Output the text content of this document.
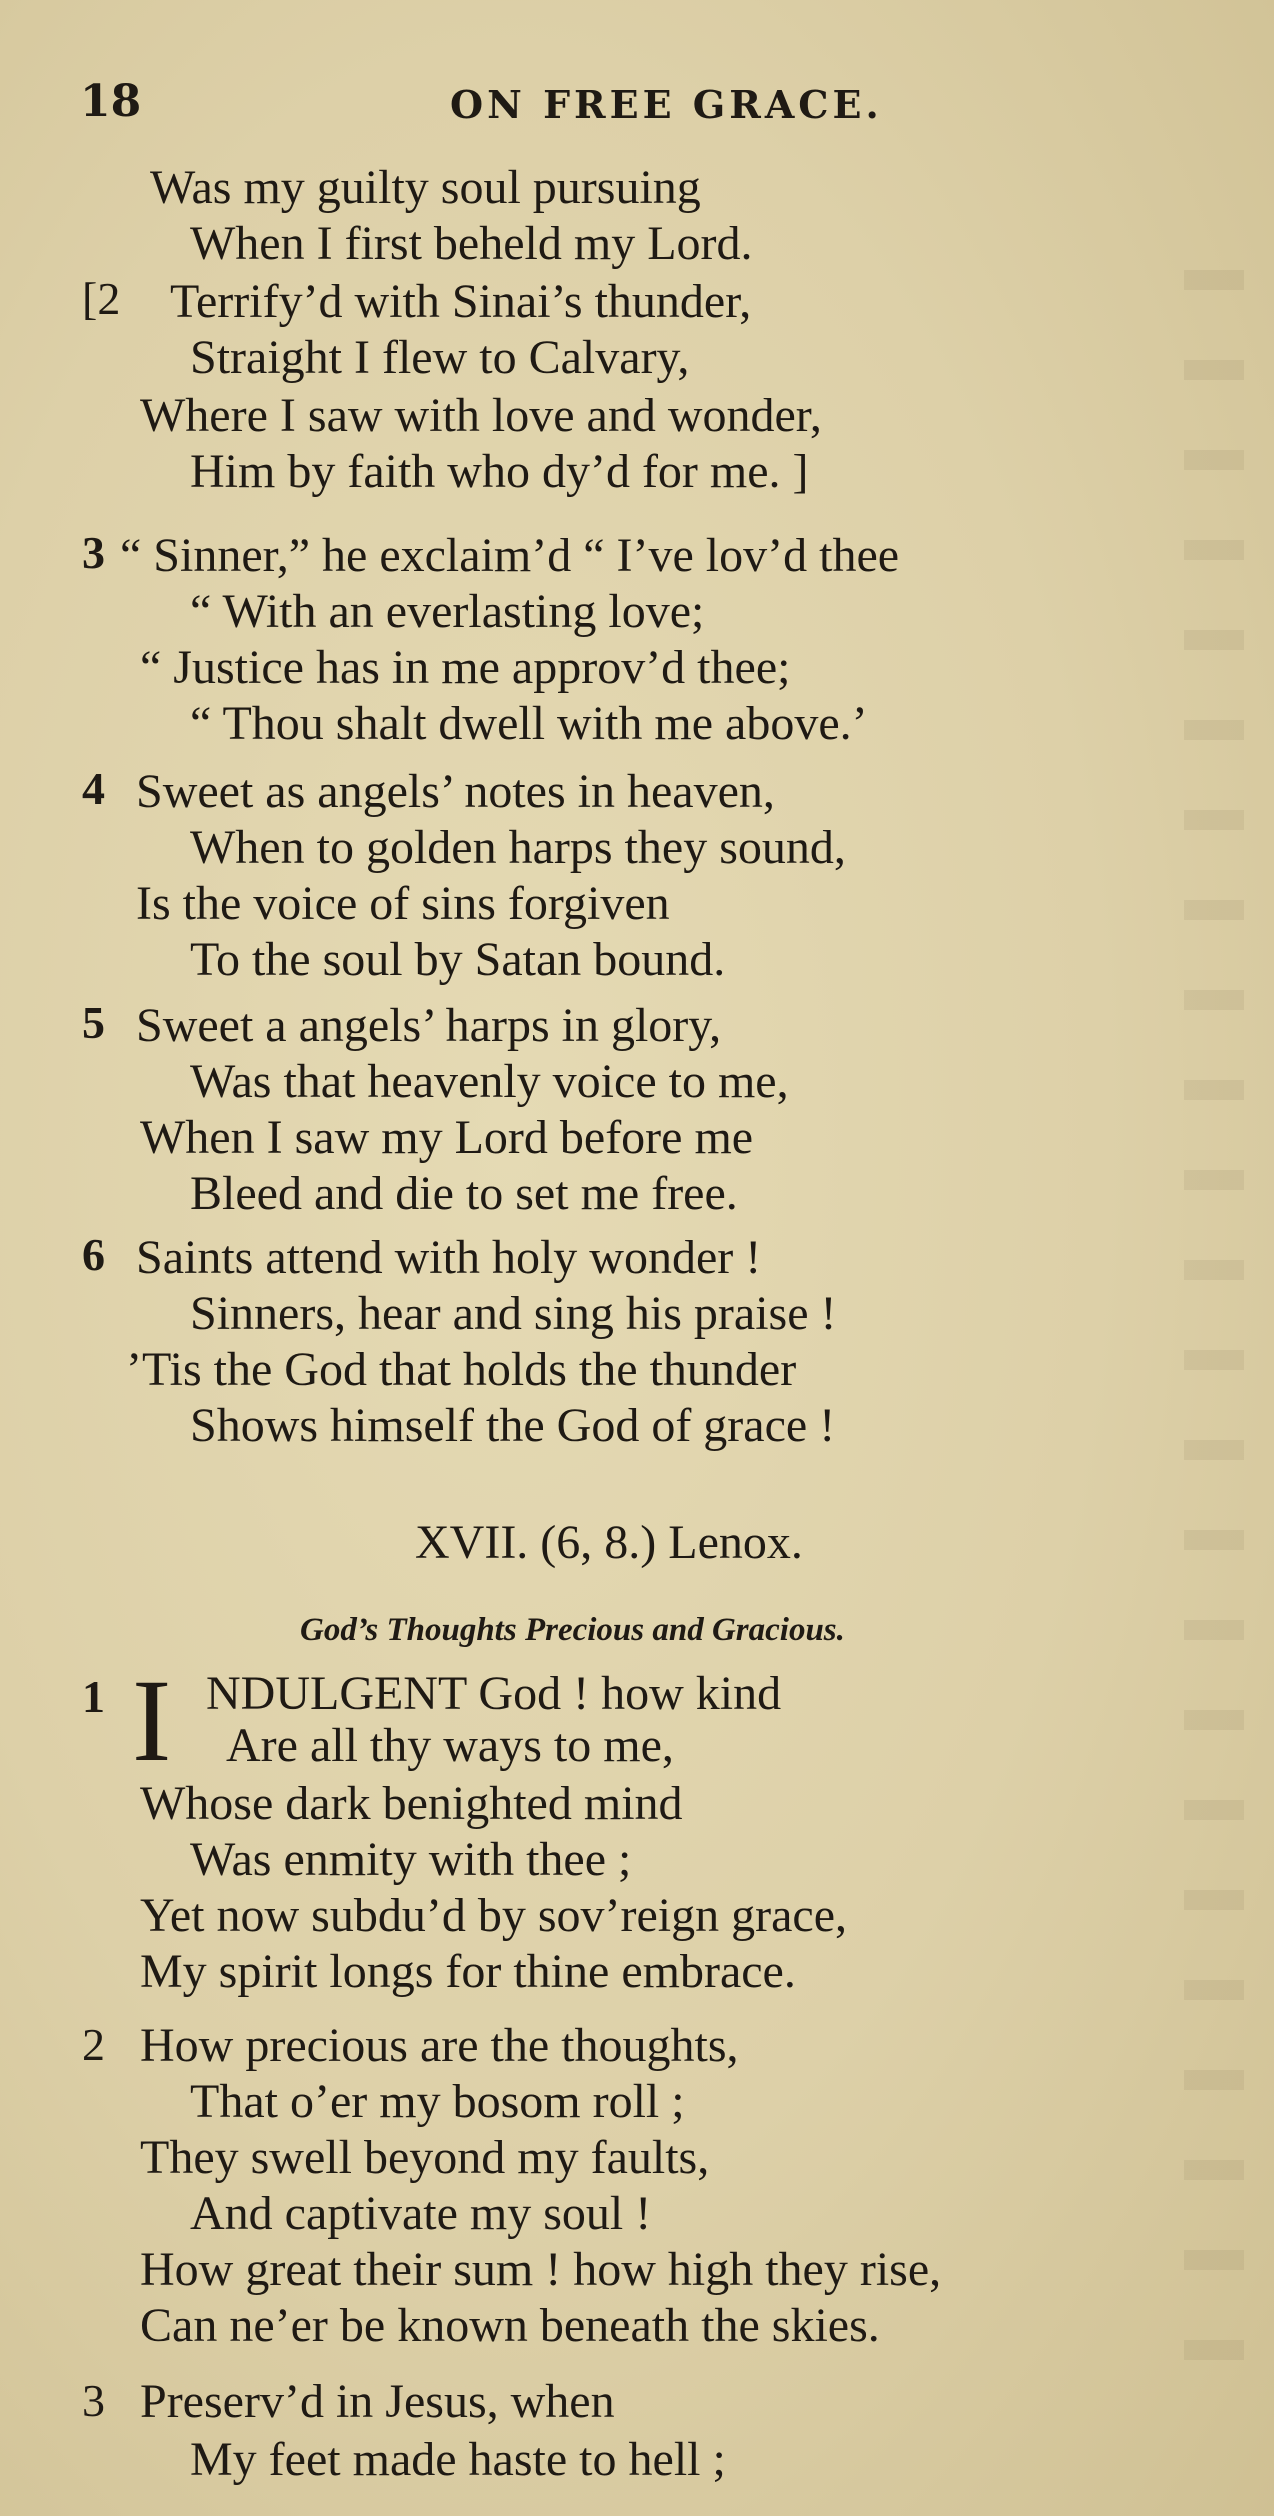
18	ON FREE GRACE.
Was my guilty soul pursuing
When I first beheld my Lord.
[2 Terrify’d with Sinai’s thunder,
Straight I flew to Calvary,
Where I saw with love and wonder,
Him by faith who dy’d for me. ]
3 “ Sinner,” he exclaim’d “ I’ve lov’d thee
“ With an everlasting love;
“ Justice has in me approv’d thee;
“ Thou shalt dwell with me above.’
4 Sweet as angels’ notes in heaven,
When to golden harps they sound,
Is the voice of sins forgiven
To the soul by Satan bound.
5 Sweet a angels’ harps in glory,
Was that heavenly voice to me,
When I saw my Lord before me
Bleed and die to set me free.
6 Saints attend with holy wonder !
Sinners, hear and sing his praise !
’Tis the God that holds the thunder
Shows himself the God of grace !
XVII. (6, 8.) Lenox.
God’s Thoughts Precious and Gracious.
1 I NDULGENT God ! how kind
Are all thy ways to me,
Whose dark benighted mind
Was enmity with thee ;
Yet now subdu’d by sov’reign grace,
My spirit longs for thine embrace.
2 How precious are the thoughts,
That o’er my bosom roll ;
They swell beyond my faults,
And captivate my soul !
How great their sum ! how high they rise,
Can ne’er be known beneath the skies.
3 Preserv’d in Jesus, when
My feet made haste to hell ;
